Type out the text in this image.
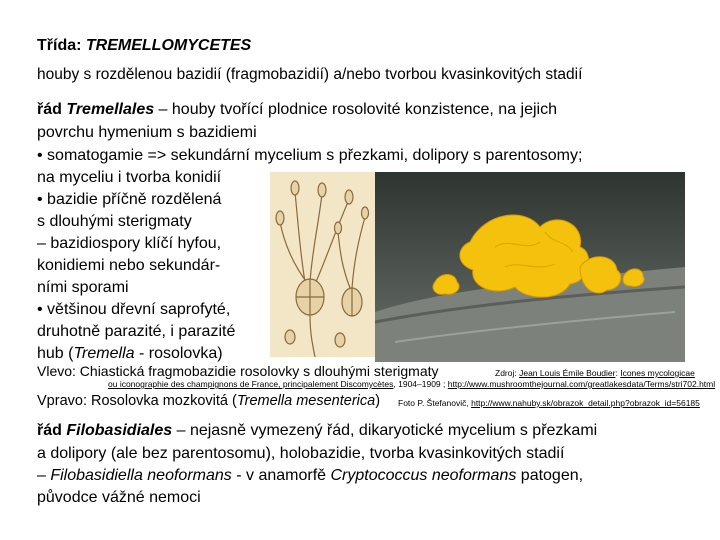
Třída: TREMELLOMYCETES
houby s rozdělenou bazidií (fragmobazidií) a/nebo tvorbou kvasinkovitých stadií
řád Tremellales – houby tvořící plodnice rosolovité konzistence, na jejich
povrchu hymenium s bazidiemi
• somatogamie => sekundární mycelium s přezkami, dolipory s parentosomy;
na myceliu i tvorba konidií
• bazidie příčně rozdělená
s dlouhými sterigmaty
– bazidiospory klíčí hyfou,
konidiemi nebo sekundár-
ními sporami
• většinou dřevní saprofyté,
druhotně parazité, i parazité
hub (Tremella - rosolovka)
Vlevo: Chiastická fragmobazidie rosolovky s dlouhými sterigmaty	Zdroj: Jean Louis Émile Boudier: Icones mycologicae
ou iconographie des champignons de France, principalement Discomycètes, 1904–1909 ; http://www.mushroomthejournal.com/greatlakesdata/Terms/stri702.html
Vpravo: Rosolovka mozkovitá (Tremella mesenterica) Foto P. Štefanovič, http://www.nahuby.sk/obrazok_detail.php?obrazok_id=56185
řád Filobasidiales – nejasně vymezený řád, dikaryotické mycelium s přezkami
a dolipory (ale bez parentosomu), holobazidie, tvorba kvasinkovitých stadií
– Filobasidiella neoformans - v anamorfě Cryptococcus neoformans patogen,
původce vážné nemoci
